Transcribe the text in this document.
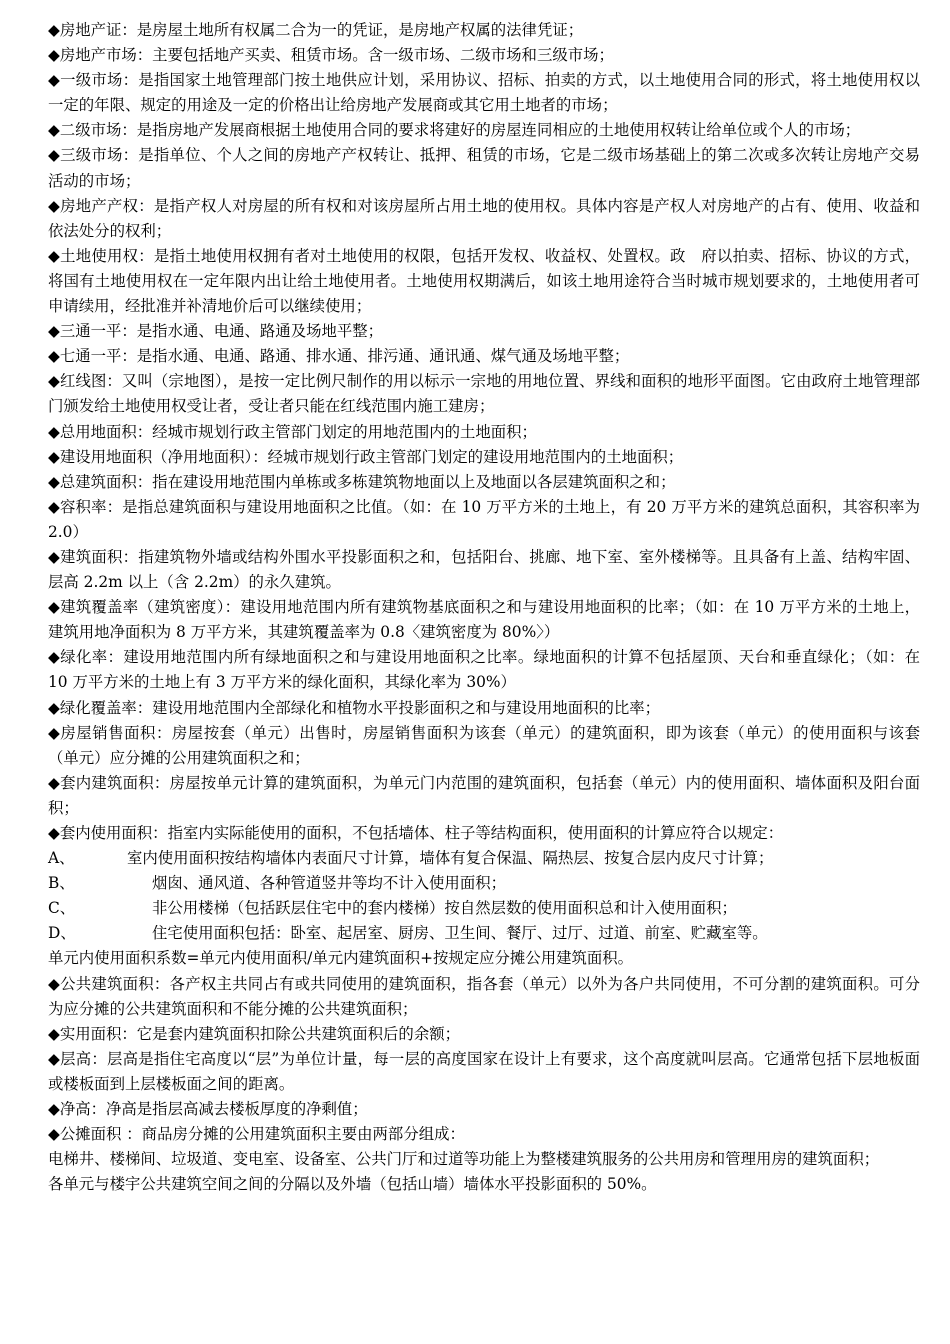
◆房地产证：是房屋土地所有权属二合为一的凭证，是房地产权属的法律凭证；

◆房地产市场：主要包括地产买卖、租赁市场。含一级市场、二级市场和三级市场；

◆一级市场：是指国家土地管理部门按土地供应计划，采用协议、招标、拍卖的方式，以土地使用合同的形式，将土地使用权以一定的年限、规定的用途及一定的价格出让给房地产发展商或其它用土地者的市场；

◆二级市场：是指房地产发展商根据土地使用合同的要求将建好的房屋连同相应的土地使用权转让给单位或个人的市场；

◆三级市场：是指单位、个人之间的房地产产权转让、抵押、租赁的市场，它是二级市场基础上的第二次或多次转让房地产交易活动的市场；

◆房地产产权：是指产权人对房屋的所有权和对该房屋所占用土地的使用权。具体内容是产权人对房地产的占有、使用、收益和依法处分的权利；

◆土地使用权：是指土地使用权拥有者对土地使用的权限，包括开发权、收益权、处置权。政　府以拍卖、招标、协议的方式，将国有土地使用权在一定年限内出让给土地使用者。土地使用权期满后，如该土地用途符合当时城市规划要求的，土地使用者可申请续用，经批准并补清地价后可以继续使用；

◆三通一平：是指水通、电通、路通及场地平整；

◆七通一平：是指水通、电通、路通、排水通、排污通、通讯通、煤气通及场地平整；

◆红线图：又叫（宗地图），是按一定比例尺制作的用以标示一宗地的用地位置、界线和面积的地形平面图。它由政府土地管理部门颁发给土地使用权受让者，受让者只能在红线范围内施工建房；

◆总用地面积：经城市规划行政主管部门划定的用地范围内的土地面积；

◆建设用地面积（净用地面积）：经城市规划行政主管部门划定的建设用地范围内的土地面积；

◆总建筑面积：指在建设用地范围内单栋或多栋建筑物地面以上及地面以各层建筑面积之和；

◆容积率：是指总建筑面积与建设用地面积之比值。（如：在 10 万平方米的土地上，有 20 万平方米的建筑总面积，其容积率为 2.0）

◆建筑面积：指建筑物外墙或结构外围水平投影面积之和，包括阳台、挑廊、地下室、室外楼梯等。且具备有上盖、结构牢固、层高 2.2m 以上（含 2.2m）的永久建筑。

◆建筑覆盖率（建筑密度）：建设用地范围内所有建筑物基底面积之和与建设用地面积的比率；（如：在 10 万平方米的土地上，建筑用地净面积为 8 万平方米，其建筑覆盖率为 0.8〈建筑密度为 80%〉）

◆绿化率：建设用地范围内所有绿地面积之和与建设用地面积之比率。绿地面积的计算不包括屋顶、天台和垂直绿化；（如：在 10 万平方米的土地上有 3 万平方米的绿化面积，其绿化率为 30%）

◆绿化覆盖率：建设用地范围内全部绿化和植物水平投影面积之和与建设用地面积的比率；

◆房屋销售面积：房屋按套（单元）出售时，房屋销售面积为该套（单元）的建筑面积，即为该套（单元）的使用面积与该套（单元）应分摊的公用建筑面积之和；

◆套内建筑面积：房屋按单元计算的建筑面积，为单元门内范围的建筑面积，包括套（单元）内的使用面积、墙体面积及阳台面积；

◆套内使用面积：指室内实际能使用的面积，不包括墙体、柱子等结构面积，使用面积的计算应符合以规定：

A、	室内使用面积按结构墙体内表面尺寸计算，墙体有复合保温、隔热层、按复合层内皮尺寸计算；
B、	烟囱、通风道、各种管道竖井等均不计入使用面积；
C、	非公用楼梯（包括跃层住宅中的套内楼梯）按自然层数的使用面积总和计入使用面积；
D、	住宅使用面积包括：卧室、起居室、厨房、卫生间、餐厅、过厅、过道、前室、贮藏室等。

单元内使用面积系数=单元内使用面积/单元内建筑面积+按规定应分摊公用建筑面积。

◆公共建筑面积：各产权主共同占有或共同使用的建筑面积，指各套（单元）以外为各户共同使用，不可分割的建筑面积。可分为应分摊的公共建筑面积和不能分摊的公共建筑面积；

◆实用面积：它是套内建筑面积扣除公共建筑面积后的余额；

◆层高：层高是指住宅高度以“层”为单位计量，每一层的高度国家在设计上有要求，这个高度就叫层高。它通常包括下层地板面或楼板面到上层楼板面之间的距离。

◆净高：净高是指层高减去楼板厚度的净剩值；

◆公摊面积 ：商品房分摊的公用建筑面积主要由两部分组成：

电梯井、楼梯间、垃圾道、变电室、设备室、公共门厅和过道等功能上为整楼建筑服务的公共用房和管理用房的建筑面积；

各单元与楼宇公共建筑空间之间的分隔以及外墙（包括山墙）墙体水平投影面积的 50%。
